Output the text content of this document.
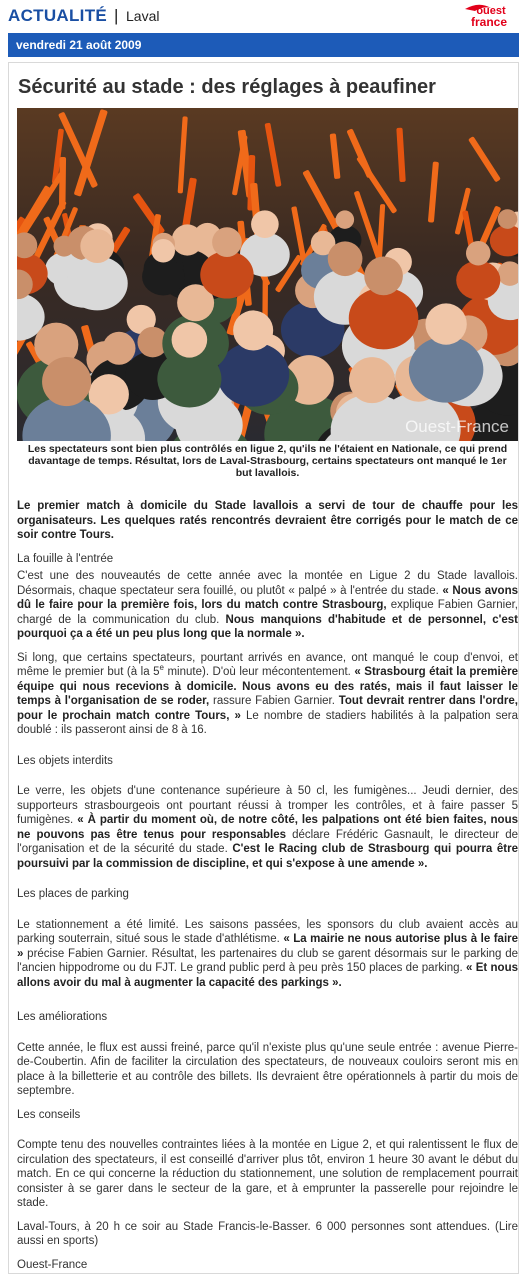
ACTUALITÉ | Laval	ouest
france
vendredi 21 août 2009
Sécurité au stade : des réglages à peaufiner
Ouest-France
Les spectateurs sont bien plus contrôlés en ligue 2, qu'ils ne l'étaient en Nationale, ce qui prend davantage de temps. Résultat, lors de Laval-Strasbourg, certains spectateurs ont manqué le 1er but lavallois.

Le premier match à domicile du Stade lavallois a servi de tour de chauffe pour les organisateurs. Les quelques ratés rencontrés devraient être corrigés pour le match de ce soir contre Tours.

La fouille à l'entrée

C'est une des nouveautés de cette année avec la montée en Ligue 2 du Stade lavallois. Désormais, chaque spectateur sera fouillé, ou plutôt « palpé » à l'entrée du stade. « Nous avons dû le faire pour la première fois, lors du match contre Strasbourg, explique Fabien Garnier, chargé de la communication du club. Nous manquions d'habitude et de personnel, c'est pourquoi ça a été un peu plus long que la normale ».

Si long, que certains spectateurs, pourtant arrivés en avance, ont manqué le coup d'envoi, et même le premier but (à la 5e minute). D'où leur mécontentement. « Strasbourg était la première équipe qui nous recevions à domicile. Nous avons eu des ratés, mais il faut laisser le temps à l'organisation de se roder, rassure Fabien Garnier. Tout devrait rentrer dans l'ordre, pour le prochain match contre Tours, » Le nombre de stadiers habilités à la palpation sera doublé : ils passeront ainsi de 8 à 16.

Les objets interdits

Le verre, les objets d'une contenance supérieure à 50 cl, les fumigènes... Jeudi dernier, des supporteurs strasbourgeois ont pourtant réussi à tromper les contrôles, et à faire passer 5 fumigènes. « À partir du moment où, de notre côté, les palpations ont été bien faites, nous ne pouvons pas être tenus pour responsables déclare Frédéric Gasnault, le directeur de l'organisation et de la sécurité du stade. C'est le Racing club de Strasbourg qui pourra être poursuivi par la commission de discipline, et qui s'expose à une amende ».

Les places de parking

Le stationnement a été limité. Les saisons passées, les sponsors du club avaient accès au parking souterrain, situé sous le stade d'athlétisme. « La mairie ne nous autorise plus à le faire » précise Fabien Garnier. Résultat, les partenaires du club se garent désormais sur le parking de l'ancien hippodrome ou du FJT. Le grand public perd à peu près 150 places de parking. « Et nous allons avoir du mal à augmenter la capacité des parkings ».

Les améliorations

Cette année, le flux est aussi freiné, parce qu'il n'existe plus qu'une seule entrée : avenue Pierre-de-Coubertin. Afin de faciliter la circulation des spectateurs, de nouveaux couloirs seront mis en place à la billetterie et au contrôle des billets. Ils devraient être opérationnels à partir du mois de septembre.

Les conseils

Compte tenu des nouvelles contraintes liées à la montée en Ligue 2, et qui ralentissent le flux de circulation des spectateurs, il est conseillé d'arriver plus tôt, environ 1 heure 30 avant le début du match. En ce qui concerne la réduction du stationnement, une solution de remplacement pourrait consister à se garer dans le secteur de la gare, et à emprunter la passerelle pour rejoindre le stade.

Laval-Tours, à 20 h ce soir au Stade Francis-le-Basser. 6 000 personnes sont attendues. (Lire aussi en sports)

Ouest-France
